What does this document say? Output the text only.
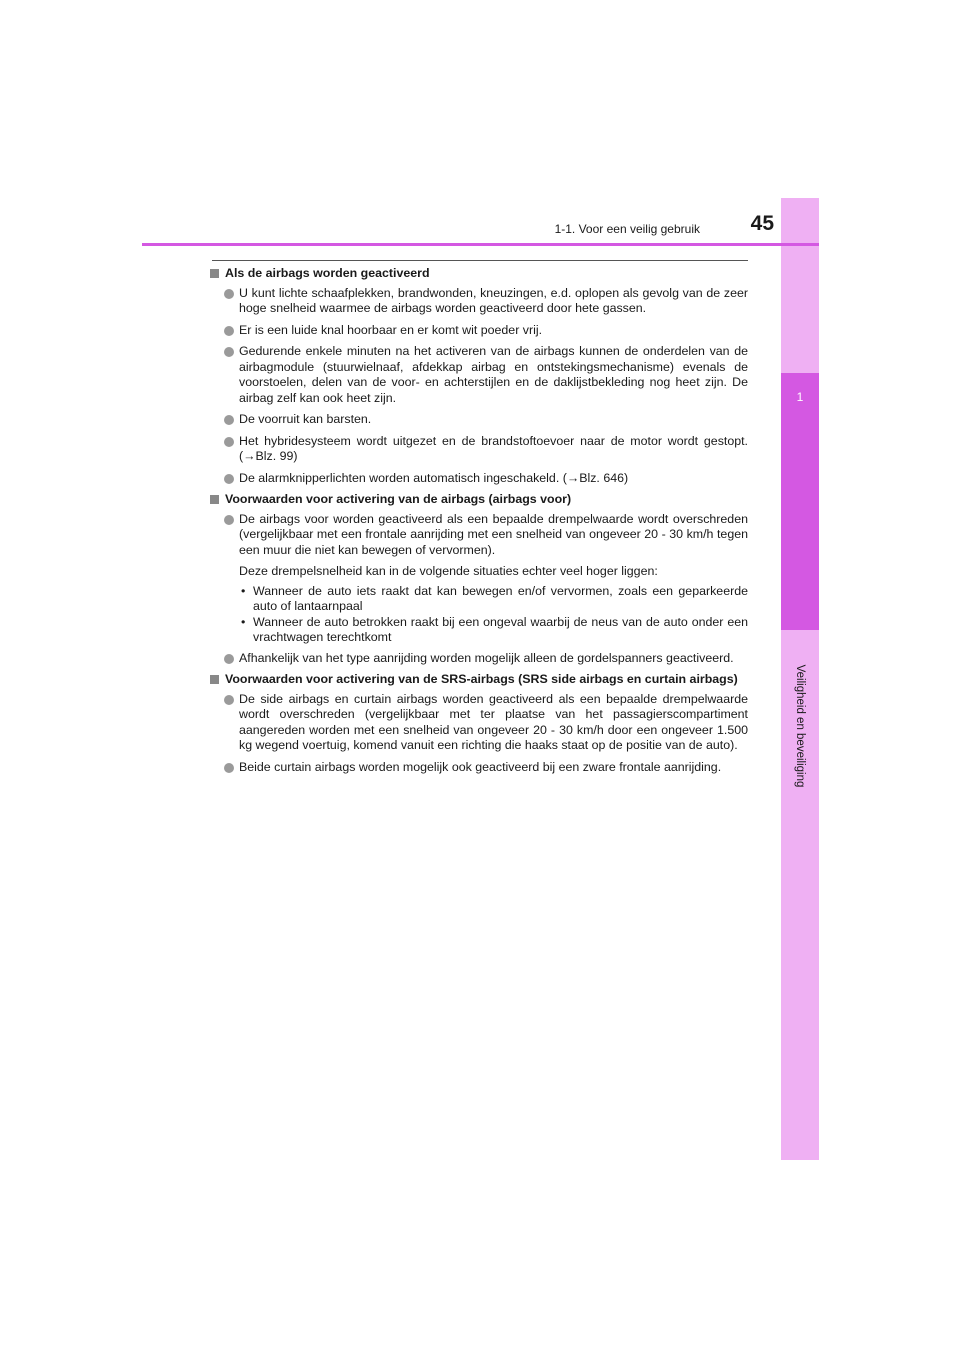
1
Veiligheid en beveiliging
1-1. Voor een veilig gebruik	45
Als de airbags worden geactiveerd
U kunt lichte schaafplekken, brandwonden, kneuzingen, e.d. oplopen als gevolg van de zeer hoge snelheid waarmee de airbags worden geactiveerd door hete gassen.
Er is een luide knal hoorbaar en er komt wit poeder vrij.
Gedurende enkele minuten na het activeren van de airbags kunnen de onderdelen van de airbagmodule (stuurwielnaaf, afdekkap airbag en ontstekingsmechanisme) evenals de voorstoelen, delen van de voor- en achterstijlen en de daklijstbekleding nog heet zijn. De airbag zelf kan ook heet zijn.
De voorruit kan barsten.
Het hybridesysteem wordt uitgezet en de brandstoftoevoer naar de motor wordt gestopt. (→Blz. 99)
De alarmknipperlichten worden automatisch ingeschakeld. (→Blz. 646)
Voorwaarden voor activering van de airbags (airbags voor)
De airbags voor worden geactiveerd als een bepaalde drempelwaarde wordt overschreden (vergelijkbaar met een frontale aanrijding met een snelheid van ongeveer 20 - 30 km/h tegen een muur die niet kan bewegen of vervormen).
Deze drempelsnelheid kan in de volgende situaties echter veel hoger liggen:
• Wanneer de auto iets raakt dat kan bewegen en/of vervormen, zoals een geparkeerde auto of lantaarnpaal
• Wanneer de auto betrokken raakt bij een ongeval waarbij de neus van de auto onder een vrachtwagen terechtkomt
Afhankelijk van het type aanrijding worden mogelijk alleen de gordelspanners geactiveerd.
Voorwaarden voor activering van de SRS-airbags (SRS side airbags en curtain airbags)
De side airbags en curtain airbags worden geactiveerd als een bepaalde drempelwaarde wordt overschreden (vergelijkbaar met ter plaatse van het passagierscompartiment aangereden worden met een snelheid van ongeveer 20 - 30 km/h door een ongeveer 1.500 kg wegend voertuig, komend vanuit een richting die haaks staat op de positie van de auto).
Beide curtain airbags worden mogelijk ook geactiveerd bij een zware frontale aanrijding.
